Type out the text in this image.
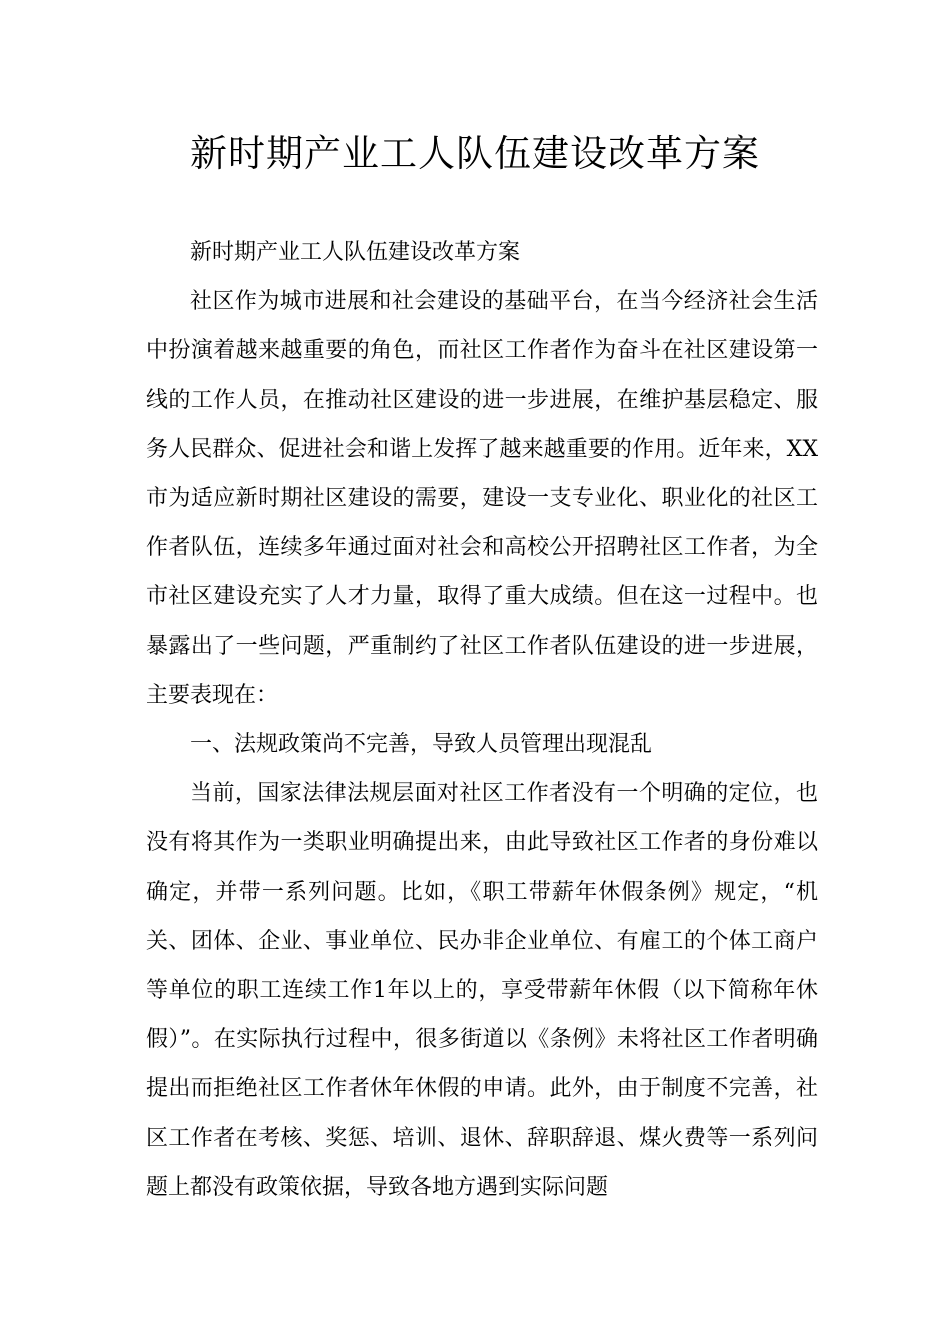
新时期产业工人队伍建设改革方案

新时期产业工人队伍建设改革方案

社区作为城市进展和社会建设的基础平台，在当今经济社会生活中扮演着越来越重要的角色，而社区工作者作为奋斗在社区建设第一线的工作人员，在推动社区建设的进一步进展，在维护基层稳定、服务人民群众、促进社会和谐上发挥了越来越重要的作用。近年来，XX市为适应新时期社区建设的需要，建设一支专业化、职业化的社区工作者队伍，连续多年通过面对社会和高校公开招聘社区工作者，为全市社区建设充实了人才力量，取得了重大成绩。但在这一过程中。也暴露出了一些问题，严重制约了社区工作者队伍建设的进一步进展，主要表现在：

一、法规政策尚不完善，导致人员管理出现混乱

当前，国家法律法规层面对社区工作者没有一个明确的定位，也没有将其作为一类职业明确提出来，由此导致社区工作者的身份难以确定，并带一系列问题。比如，《职工带薪年休假条例》规定，“机关、团体、企业、事业单位、民办非企业单位、有雇工的个体工商户等单位的职工连续工作1年以上的，享受带薪年休假（以下简称年休假）”。在实际执行过程中，很多街道以《条例》未将社区工作者明确提出而拒绝社区工作者休年休假的申请。此外，由于制度不完善，社区工作者在考核、奖惩、培训、退休、辞职辞退、煤火费等一系列问题上都没有政策依据，导致各地方遇到实际问题
